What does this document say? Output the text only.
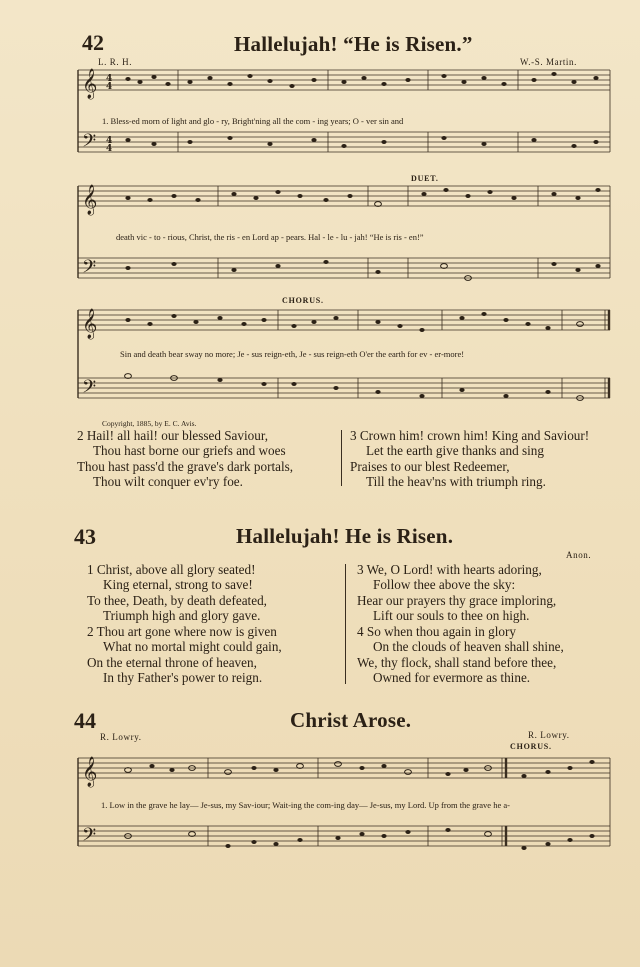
42	Hallelujah! “He is Risen.”
L. R. H.	W.-S. Martin.
𝄞
𝄢
4
4
4
4
1. Bless-ed morn of light and glo - ry, Bright'ning all the com - ing years; O - ver sin and
DUET.
𝄞
𝄢
death vic - to - rious, Christ, the ris - en Lord ap - pears. Hal - le - lu - jah! “He is ris - en!”
CHORUS.
𝄞
𝄢
Sin and death bear sway no more; Je - sus reign-eth, Je - sus reign-eth O'er the earth for ev - er-more!
Copyright, 1885, by E. C. Avis.
2 Hail! all hail! our blessed Saviour,
Thou hast borne our griefs and woes
Thou hast pass'd the grave's dark portals,
Thou wilt conquer ev'ry foe.
3 Crown him! crown him! King and Saviour!
Let the earth give thanks and sing
Praises to our blest Redeemer,
Till the heav'ns with triumph ring.
43	Hallelujah! He is Risen.
Anon.
1 Christ, above all glory seated!
King eternal, strong to save!
To thee, Death, by death defeated,
Triumph high and glory gave.
2 Thou art gone where now is given
What no mortal might could gain,
On the eternal throne of heaven,
In thy Father's power to reign.
3 We, O Lord! with hearts adoring,
Follow thee above the sky:
Hear our prayers thy grace imploring,
Lift our souls to thee on high.
4 So when thou again in glory
On the clouds of heaven shall shine,
We, thy flock, shall stand before thee,
Owned for evermore as thine.
44	Christ Arose.
R. Lowry.	R. Lowry.
CHORUS.
𝄞
𝄢
1. Low in the grave he lay— Je-sus, my Sav-iour; Wait-ing the com-ing day— Je-sus, my Lord. Up from the grave he a-
